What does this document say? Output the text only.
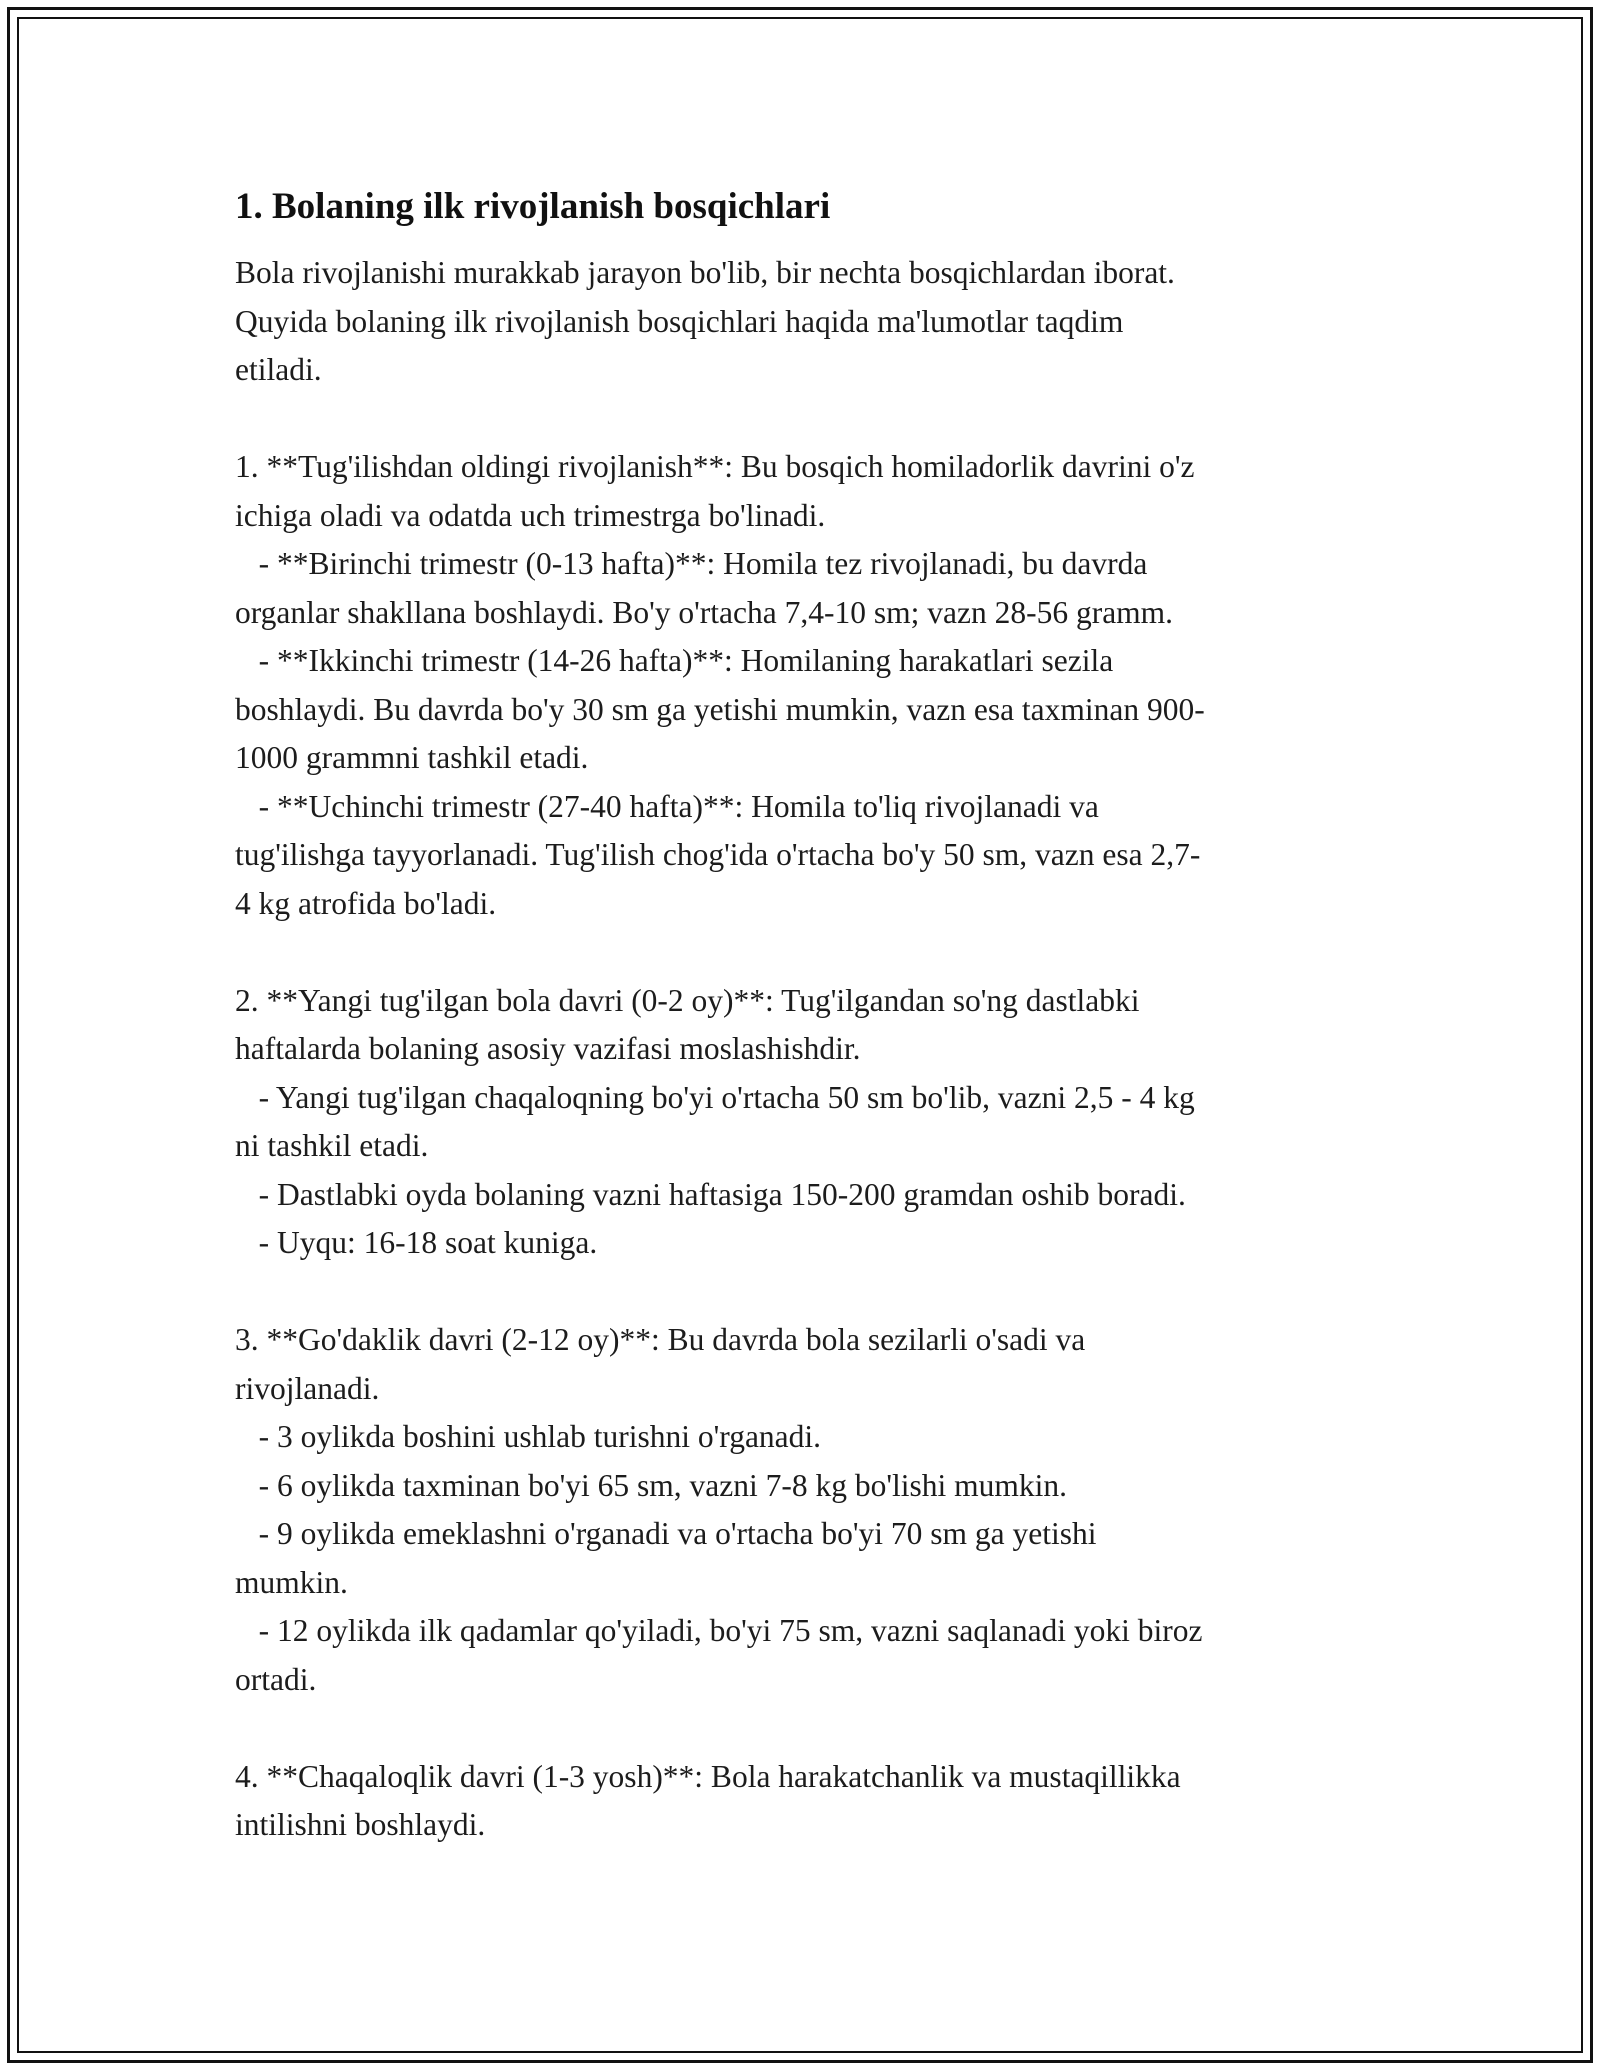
1. Bolaning ilk rivojlanish bosqichlari

Bola rivojlanishi murakkab jarayon bo'lib, bir nechta bosqichlardan iborat.
Quyida bolaning ilk rivojlanish bosqichlari haqida ma'lumotlar taqdim
etiladi.

1. **Tug'ilishdan oldingi rivojlanish**: Bu bosqich homiladorlik davrini o'z
ichiga oladi va odatda uch trimestrga bo'linadi.
- **Birinchi trimestr (0-13 hafta)**: Homila tez rivojlanadi, bu davrda
organlar shakllana boshlaydi. Bo'y o'rtacha 7,4-10 sm; vazn 28-56 gramm.
- **Ikkinchi trimestr (14-26 hafta)**: Homilaning harakatlari sezila
boshlaydi. Bu davrda bo'y 30 sm ga yetishi mumkin, vazn esa taxminan 900-
1000 grammni tashkil etadi.
- **Uchinchi trimestr (27-40 hafta)**: Homila to'liq rivojlanadi va
tug'ilishga tayyorlanadi. Tug'ilish chog'ida o'rtacha bo'y 50 sm, vazn esa 2,7-
4 kg atrofida bo'ladi.

2. **Yangi tug'ilgan bola davri (0-2 oy)**: Tug'ilgandan so'ng dastlabki
haftalarda bolaning asosiy vazifasi moslashishdir.
- Yangi tug'ilgan chaqaloqning bo'yi o'rtacha 50 sm bo'lib, vazni 2,5 - 4 kg
ni tashkil etadi.
- Dastlabki oyda bolaning vazni haftasiga 150-200 gramdan oshib boradi.
- Uyqu: 16-18 soat kuniga.

3. **Go'daklik davri (2-12 oy)**: Bu davrda bola sezilarli o'sadi va
rivojlanadi.
- 3 oylikda boshini ushlab turishni o'rganadi.
- 6 oylikda taxminan bo'yi 65 sm, vazni 7-8 kg bo'lishi mumkin.
- 9 oylikda emeklashni o'rganadi va o'rtacha bo'yi 70 sm ga yetishi
mumkin.
- 12 oylikda ilk qadamlar qo'yiladi, bo'yi 75 sm, vazni saqlanadi yoki biroz
ortadi.

4. **Chaqaloqlik davri (1-3 yosh)**: Bola harakatchanlik va mustaqillikka
intilishni boshlaydi.
